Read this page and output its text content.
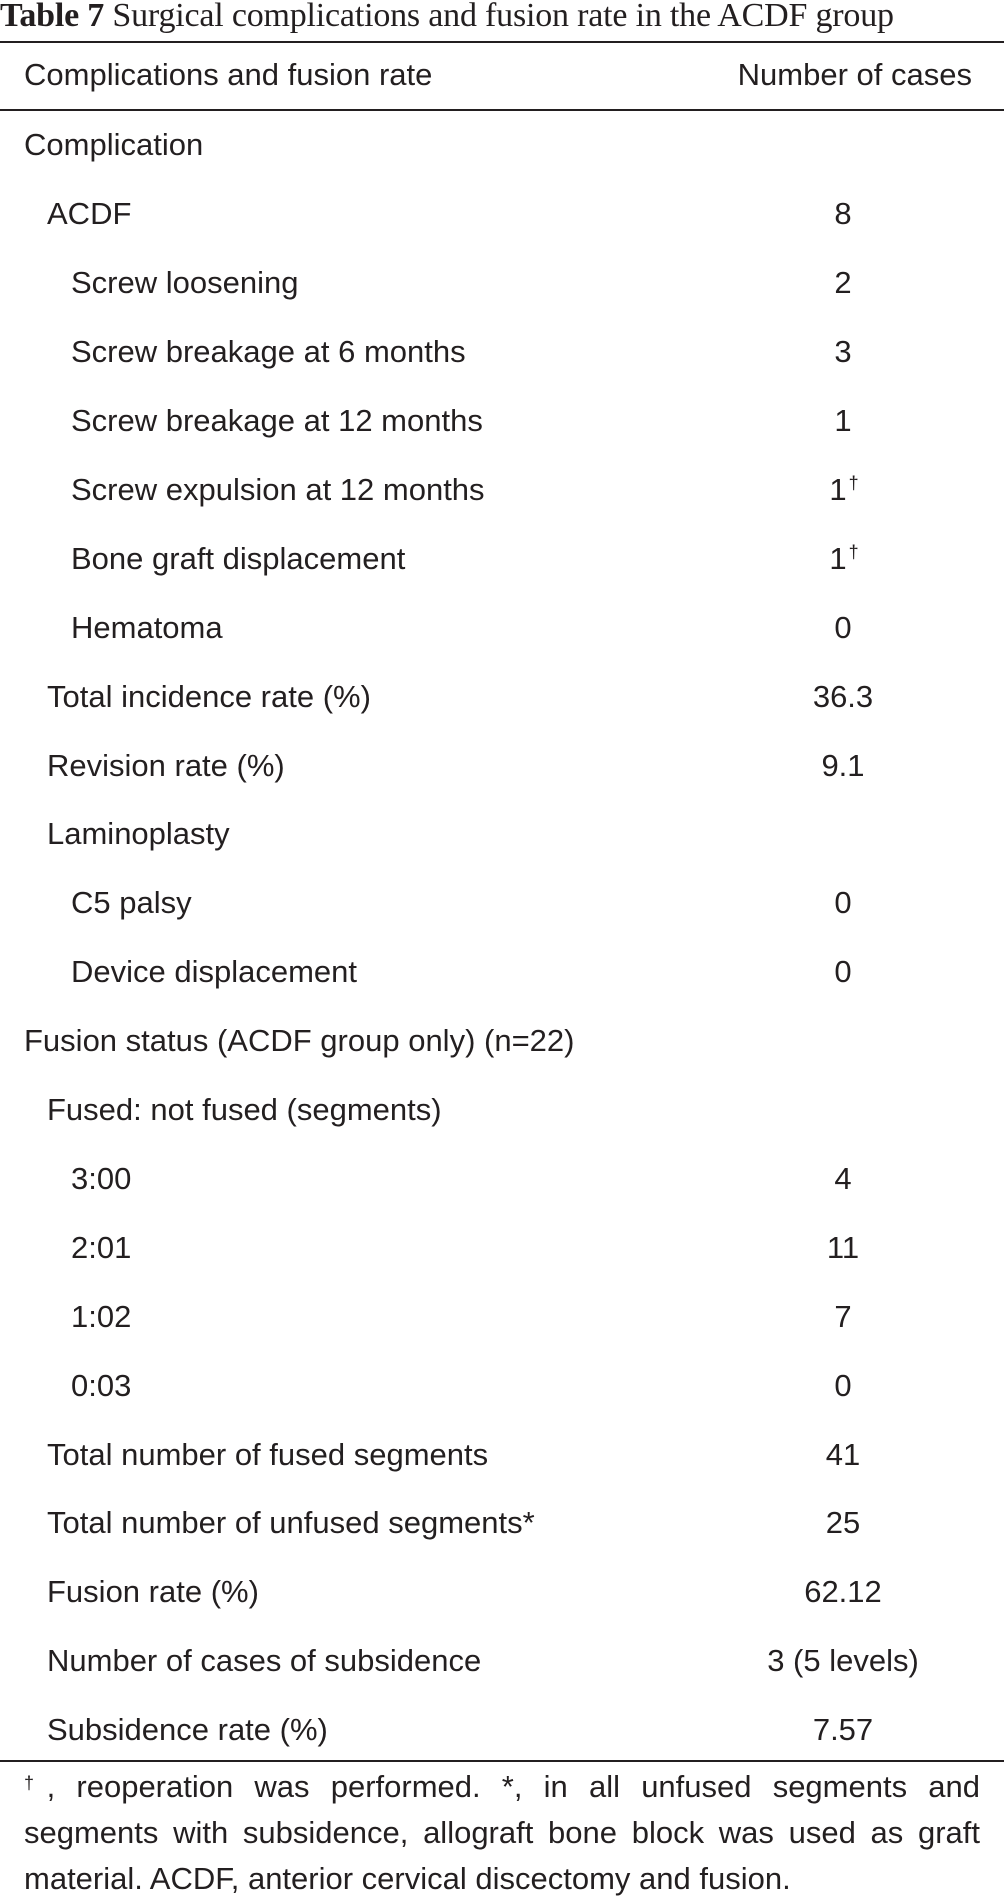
Table 7 Surgical complications and fusion rate in the ACDF group
Complications and fusion rate	Number of cases
Complication
ACDF	8
Screw loosening	2
Screw breakage at 6 months	3
Screw breakage at 12 months	1
Screw expulsion at 12 months	1†
Bone graft displacement	1†
Hematoma	0
Total incidence rate (%)	36.3
Revision rate (%)	9.1
Laminoplasty
C5 palsy	0
Device displacement	0
Fusion status (ACDF group only) (n=22)
Fused: not fused (segments)
3:00	4
2:01	11
1:02	7
0:03	0
Total number of fused segments	41
Total number of unfused segments*	25
Fusion rate (%)	62.12
Number of cases of subsidence	3 (5 levels)
Subsidence rate (%)	7.57
†, reoperation was performed. *, in all unfused segments and segments with subsidence, allograft bone block was used as graft material. ACDF, anterior cervical discectomy and fusion.
